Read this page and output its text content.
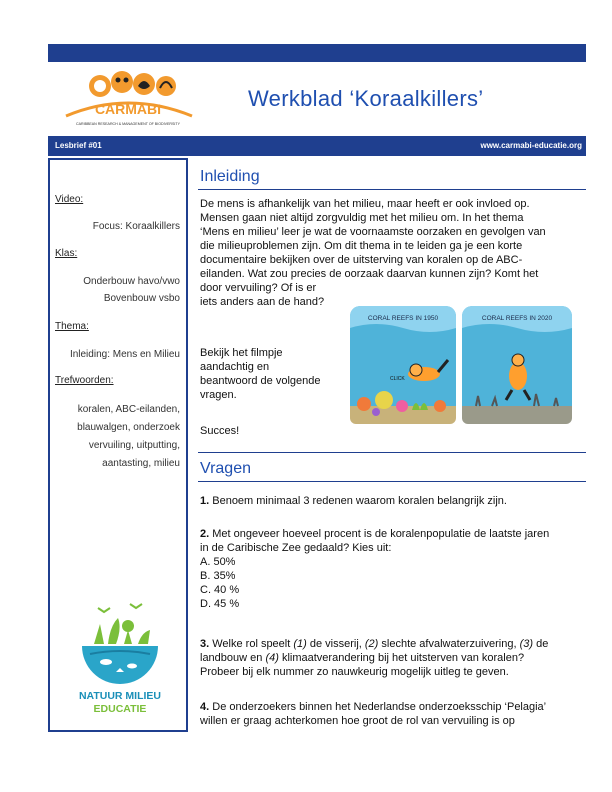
CARMABI
CARIBBEAN RESEARCH & MANAGEMENT OF BIODIVERSITY
Werkblad ‘Koraalkillers’
Lesbrief #01	www.carmabi-educatie.org
Video:
Focus: Koraalkillers
Klas:
Onderbouw havo/vwo
Bovenbouw vsbo
Thema:
Inleiding: Mens en Milieu
Trefwoorden:
koralen, ABC-eilanden,
blauwalgen, onderzoek
vervuiling, uitputting,
aantasting, milieu
NATUUR MILIEU
EDUCATIE
Inleiding
De mens is afhankelijk van het milieu, maar heeft er ook invloed op.
Mensen gaan niet altijd zorgvuldig met het milieu om. In het thema
‘Mens en milieu’ leer je wat de voornaamste oorzaken en gevolgen van
die milieuproblemen zijn. Om dit thema in te leiden ga je een korte
documentaire bekijken over de uitsterving van koralen op de ABC-
eilanden. Wat zou precies de oorzaak daarvan kunnen zijn? Komt het
door vervuiling? Of is er
iets anders aan de hand?
Bekijk het filmpje
aandachtig en
beantwoord de volgende
vragen.
Succes!
CORAL REEFS IN 1950
CLICK
CORAL REEFS IN 2020
Vragen
1. Benoem minimaal 3 redenen waarom koralen belangrijk zijn.
2. Met ongeveer hoeveel procent is de koralenpopulatie de laatste jaren
in de Caribische Zee gedaald? Kies uit:
A. 50%
B. 35%
C. 40 %
D. 45 %
3. Welke rol speelt (1) de visserij, (2) slechte afvalwaterzuivering, (3) de
landbouw en (4) klimaatverandering bij het uitsterven van koralen?
Probeer bij elk nummer zo nauwkeurig mogelijk uitleg te geven.
4. De onderzoekers binnen het Nederlandse onderzoeksschip ‘Pelagia’
willen er graag achterkomen hoe groot de rol van vervuiling is op
